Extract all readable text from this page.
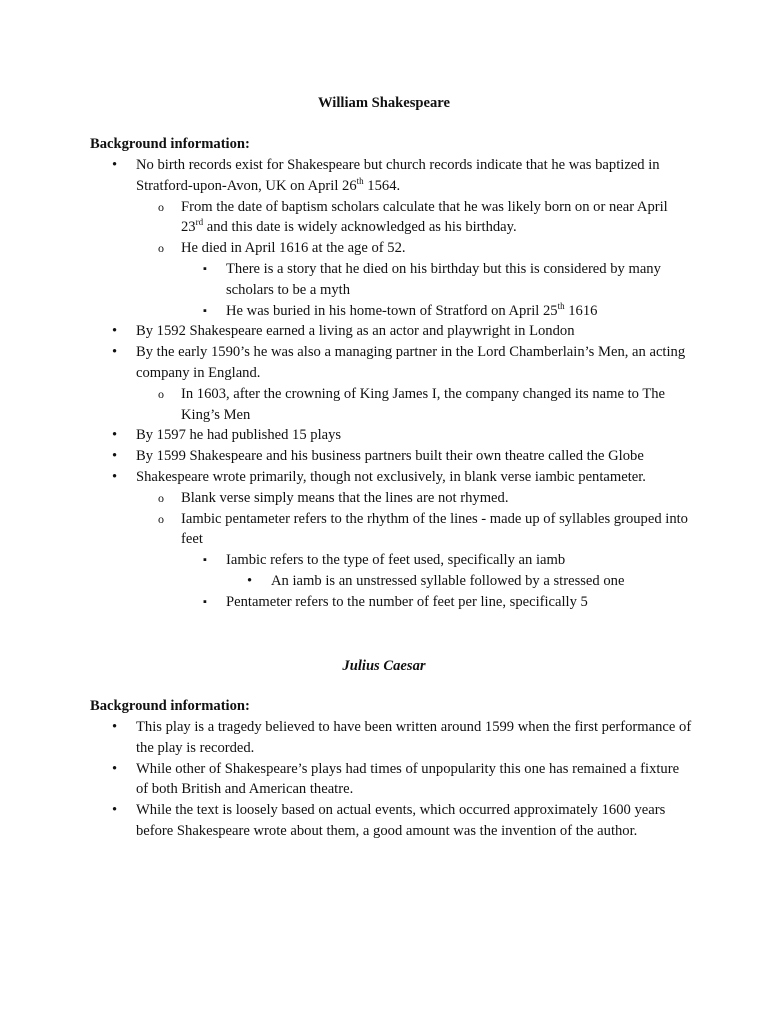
William Shakespeare
Background information:
• No birth records exist for Shakespeare but church records indicate that he was baptized in Stratford-upon-Avon, UK on April 26th 1564.
o From the date of baptism scholars calculate that he was likely born on or near April 23rd and this date is widely acknowledged as his birthday.
o He died in April 1616 at the age of 52.
▪ There is a story that he died on his birthday but this is considered by many scholars to be a myth
▪ He was buried in his home-town of Stratford on April 25th 1616
• By 1592 Shakespeare earned a living as an actor and playwright in London
• By the early 1590’s he was also a managing partner in the Lord Chamberlain’s Men, an acting company in England.
o In 1603, after the crowning of King James I, the company changed its name to The King’s Men
• By 1597 he had published 15 plays
• By 1599 Shakespeare and his business partners built their own theatre called the Globe
• Shakespeare wrote primarily, though not exclusively, in blank verse iambic pentameter.
o Blank verse simply means that the lines are not rhymed.
o Iambic pentameter refers to the rhythm of the lines - made up of syllables grouped into feet
▪ Iambic refers to the type of feet used, specifically an iamb
• An iamb is an unstressed syllable followed by a stressed one
▪ Pentameter refers to the number of feet per line, specifically 5
Julius Caesar
Background information:
• This play is a tragedy believed to have been written around 1599 when the first performance of the play is recorded.
• While other of Shakespeare’s plays had times of unpopularity this one has remained a fixture of both British and American theatre.
• While the text is loosely based on actual events, which occurred approximately 1600 years before Shakespeare wrote about them, a good amount was the invention of the author.
